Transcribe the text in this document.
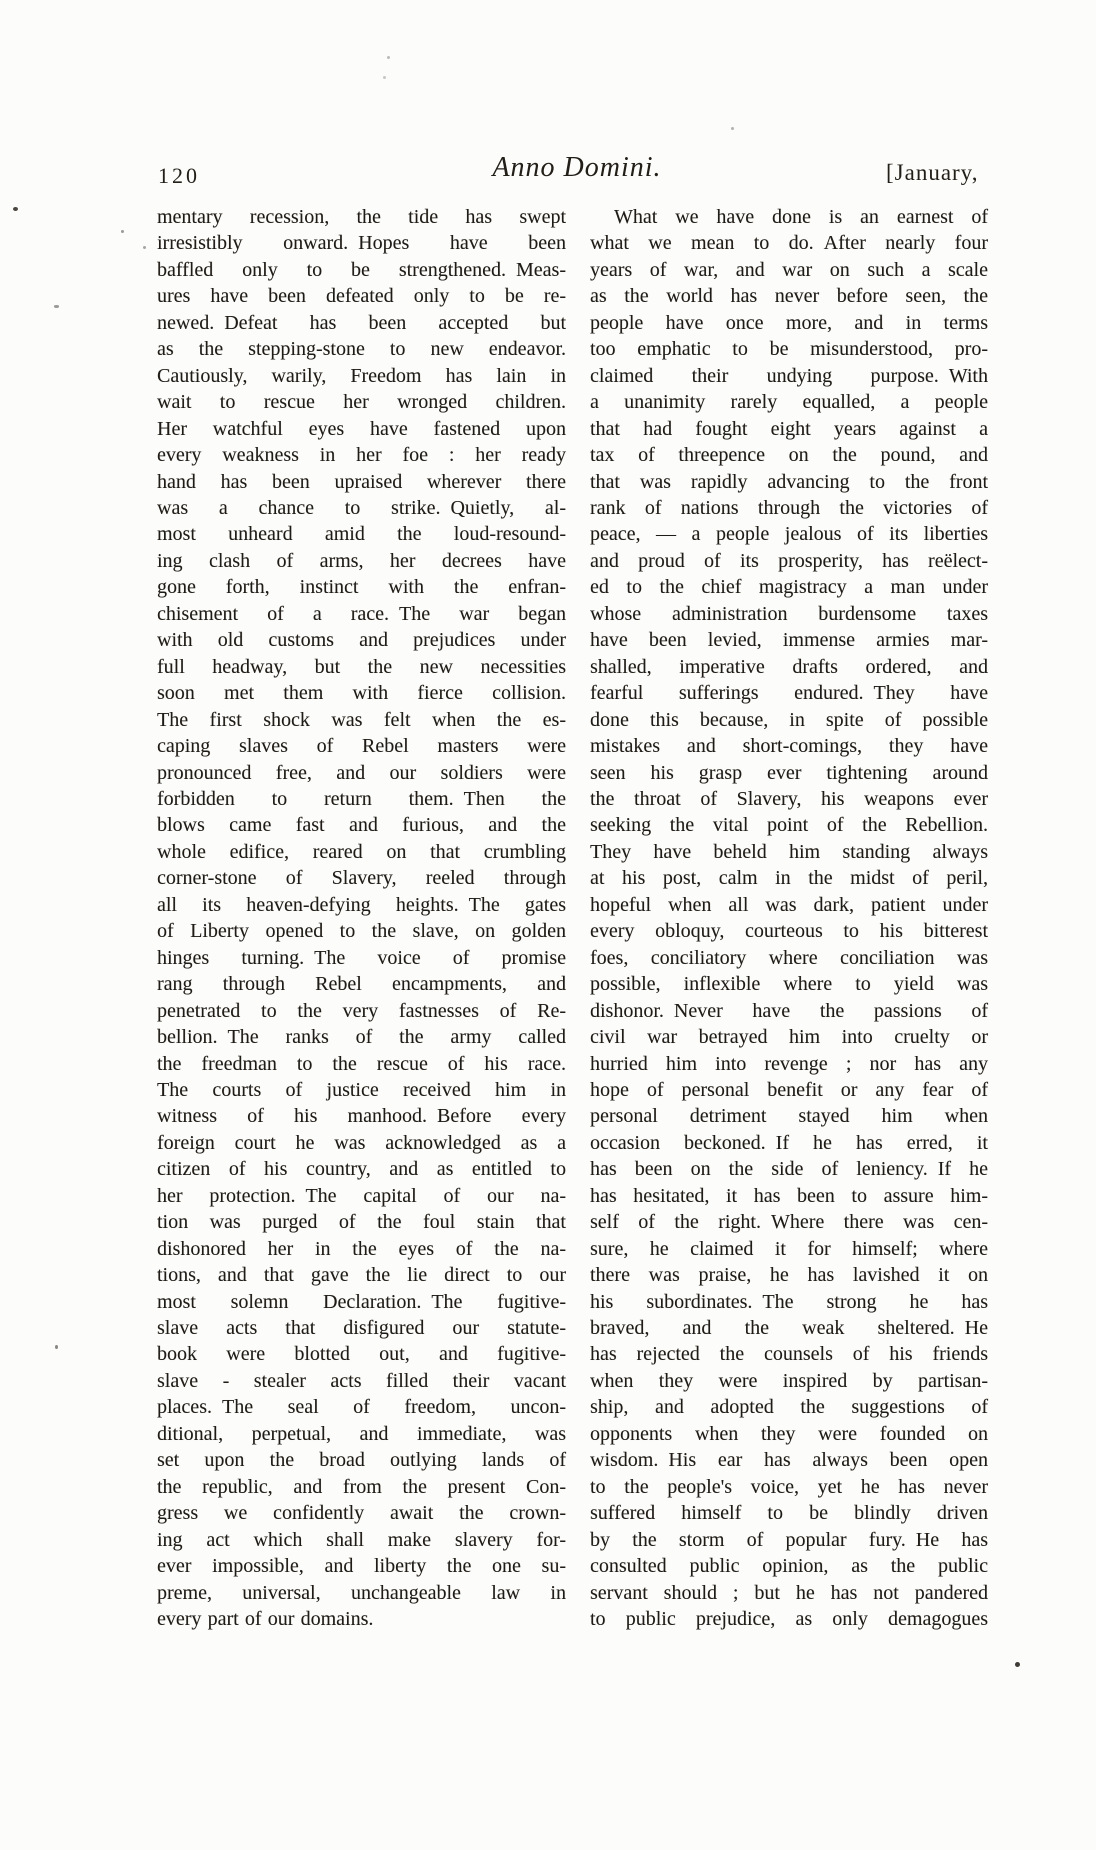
120	Anno Domini.	[January,
mentary recession, the tide has swept
irresistibly onward. Hopes have been
baffled only to be strengthened. Meas-
ures have been defeated only to be re-
newed. Defeat has been accepted but
as the stepping-stone to new endeavor.
Cautiously, warily, Freedom has lain in
wait to rescue her wronged children.
Her watchful eyes have fastened upon
every weakness in her foe : her ready
hand has been upraised wherever there
was a chance to strike. Quietly, al-
most unheard amid the loud-resound-
ing clash of arms, her decrees have
gone forth, instinct with the enfran-
chisement of a race. The war began
with old customs and prejudices under
full headway, but the new necessities
soon met them with fierce collision.
The first shock was felt when the es-
caping slaves of Rebel masters were
pronounced free, and our soldiers were
forbidden to return them. Then the
blows came fast and furious, and the
whole edifice, reared on that crumbling
corner-stone of Slavery, reeled through
all its heaven-defying heights. The gates
of Liberty opened to the slave, on golden
hinges turning. The voice of promise
rang through Rebel encampments, and
penetrated to the very fastnesses of Re-
bellion. The ranks of the army called
the freedman to the rescue of his race.
The courts of justice received him in
witness of his manhood. Before every
foreign court he was acknowledged as a
citizen of his country, and as entitled to
her protection. The capital of our na-
tion was purged of the foul stain that
dishonored her in the eyes of the na-
tions, and that gave the lie direct to our
most solemn Declaration. The fugitive-
slave acts that disfigured our statute-
book were blotted out, and fugitive-
slave - stealer acts filled their vacant
places. The seal of freedom, uncon-
ditional, perpetual, and immediate, was
set upon the broad outlying lands of
the republic, and from the present Con-
gress we confidently await the crown-
ing act which shall make slavery for-
ever impossible, and liberty the one su-
preme, universal, unchangeable law in
every part of our domains.
What we have done is an earnest of
what we mean to do. After nearly four
years of war, and war on such a scale
as the world has never before seen, the
people have once more, and in terms
too emphatic to be misunderstood, pro-
claimed their undying purpose. With
a unanimity rarely equalled, a people
that had fought eight years against a
tax of threepence on the pound, and
that was rapidly advancing to the front
rank of nations through the victories of
peace, — a people jealous of its liberties
and proud of its prosperity, has reëlect-
ed to the chief magistracy a man under
whose administration burdensome taxes
have been levied, immense armies mar-
shalled, imperative drafts ordered, and
fearful sufferings endured. They have
done this because, in spite of possible
mistakes and short-comings, they have
seen his grasp ever tightening around
the throat of Slavery, his weapons ever
seeking the vital point of the Rebellion.
They have beheld him standing always
at his post, calm in the midst of peril,
hopeful when all was dark, patient under
every obloquy, courteous to his bitterest
foes, conciliatory where conciliation was
possible, inflexible where to yield was
dishonor. Never have the passions of
civil war betrayed him into cruelty or
hurried him into revenge ; nor has any
hope of personal benefit or any fear of
personal detriment stayed him when
occasion beckoned. If he has erred, it
has been on the side of leniency. If he
has hesitated, it has been to assure him-
self of the right. Where there was cen-
sure, he claimed it for himself; where
there was praise, he has lavished it on
his subordinates. The strong he has
braved, and the weak sheltered. He
has rejected the counsels of his friends
when they were inspired by partisan-
ship, and adopted the suggestions of
opponents when they were founded on
wisdom. His ear has always been open
to the people's voice, yet he has never
suffered himself to be blindly driven
by the storm of popular fury. He has
consulted public opinion, as the public
servant should ; but he has not pandered
to public prejudice, as only demagogues
